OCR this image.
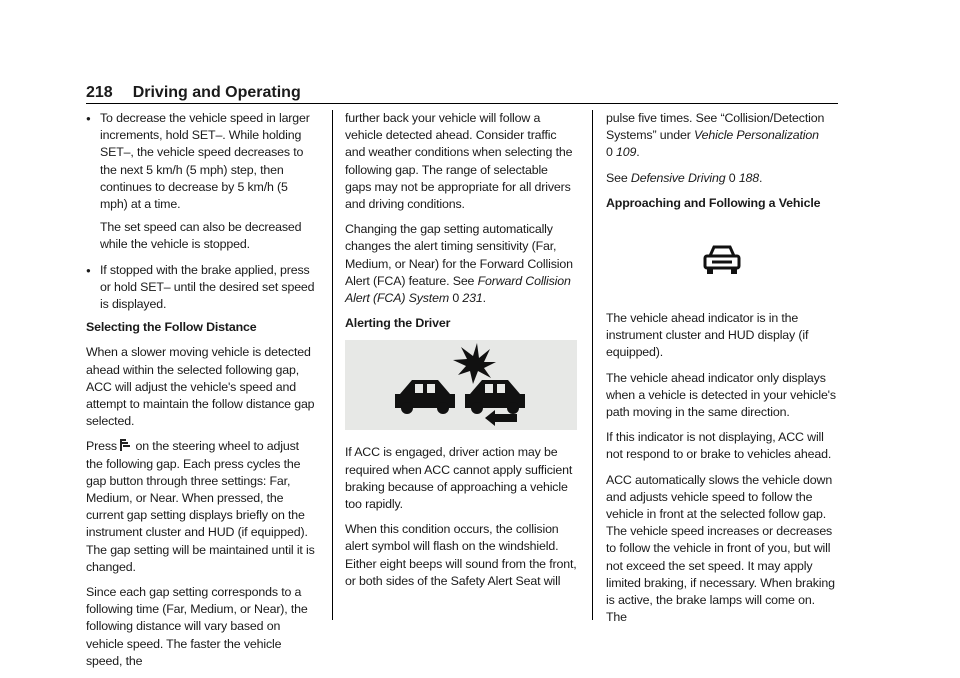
218 Driving and Operating
● To decrease the vehicle speed in larger increments, hold SET–. While holding SET–, the vehicle speed decreases to the next 5 km/h (5 mph) step, then continues to decrease by 5 km/h (5 mph) at a time.

The set speed can also be decreased while the vehicle is stopped.

● If stopped with the brake applied, press or hold SET– until the desired set speed is displayed.

Selecting the Follow Distance

When a slower moving vehicle is detected ahead within the selected following gap, ACC will adjust the vehicle's speed and attempt to maintain the follow distance gap selected.

Press on the steering wheel to adjust the following gap. Each press cycles the gap button through three settings: Far, Medium, or Near. When pressed, the current gap setting displays briefly on the instrument cluster and HUD (if equipped). The gap setting will be maintained until it is changed.

Since each gap setting corresponds to a following time (Far, Medium, or Near), the following distance will vary based on vehicle speed. The faster the vehicle speed, the

further back your vehicle will follow a vehicle detected ahead. Consider traffic and weather conditions when selecting the following gap. The range of selectable gaps may not be appropriate for all drivers and driving conditions.

Changing the gap setting automatically changes the alert timing sensitivity (Far, Medium, or Near) for the Forward Collision Alert (FCA) feature. See Forward Collision Alert (FCA) System 0 231.

Alerting the Driver

If ACC is engaged, driver action may be required when ACC cannot apply sufficient braking because of approaching a vehicle too rapidly.

When this condition occurs, the collision alert symbol will flash on the windshield. Either eight beeps will sound from the front, or both sides of the Safety Alert Seat will

pulse five times. See “Collision/Detection Systems” under Vehicle Personalization
0 109.

See Defensive Driving 0 188.

Approaching and Following a Vehicle

The vehicle ahead indicator is in the instrument cluster and HUD display (if equipped).

The vehicle ahead indicator only displays when a vehicle is detected in your vehicle's path moving in the same direction.

If this indicator is not displaying, ACC will not respond to or brake to vehicles ahead.

ACC automatically slows the vehicle down and adjusts vehicle speed to follow the vehicle in front at the selected follow gap. The vehicle speed increases or decreases to follow the vehicle in front of you, but will not exceed the set speed. It may apply limited braking, if necessary. When braking is active, the brake lamps will come on. The
